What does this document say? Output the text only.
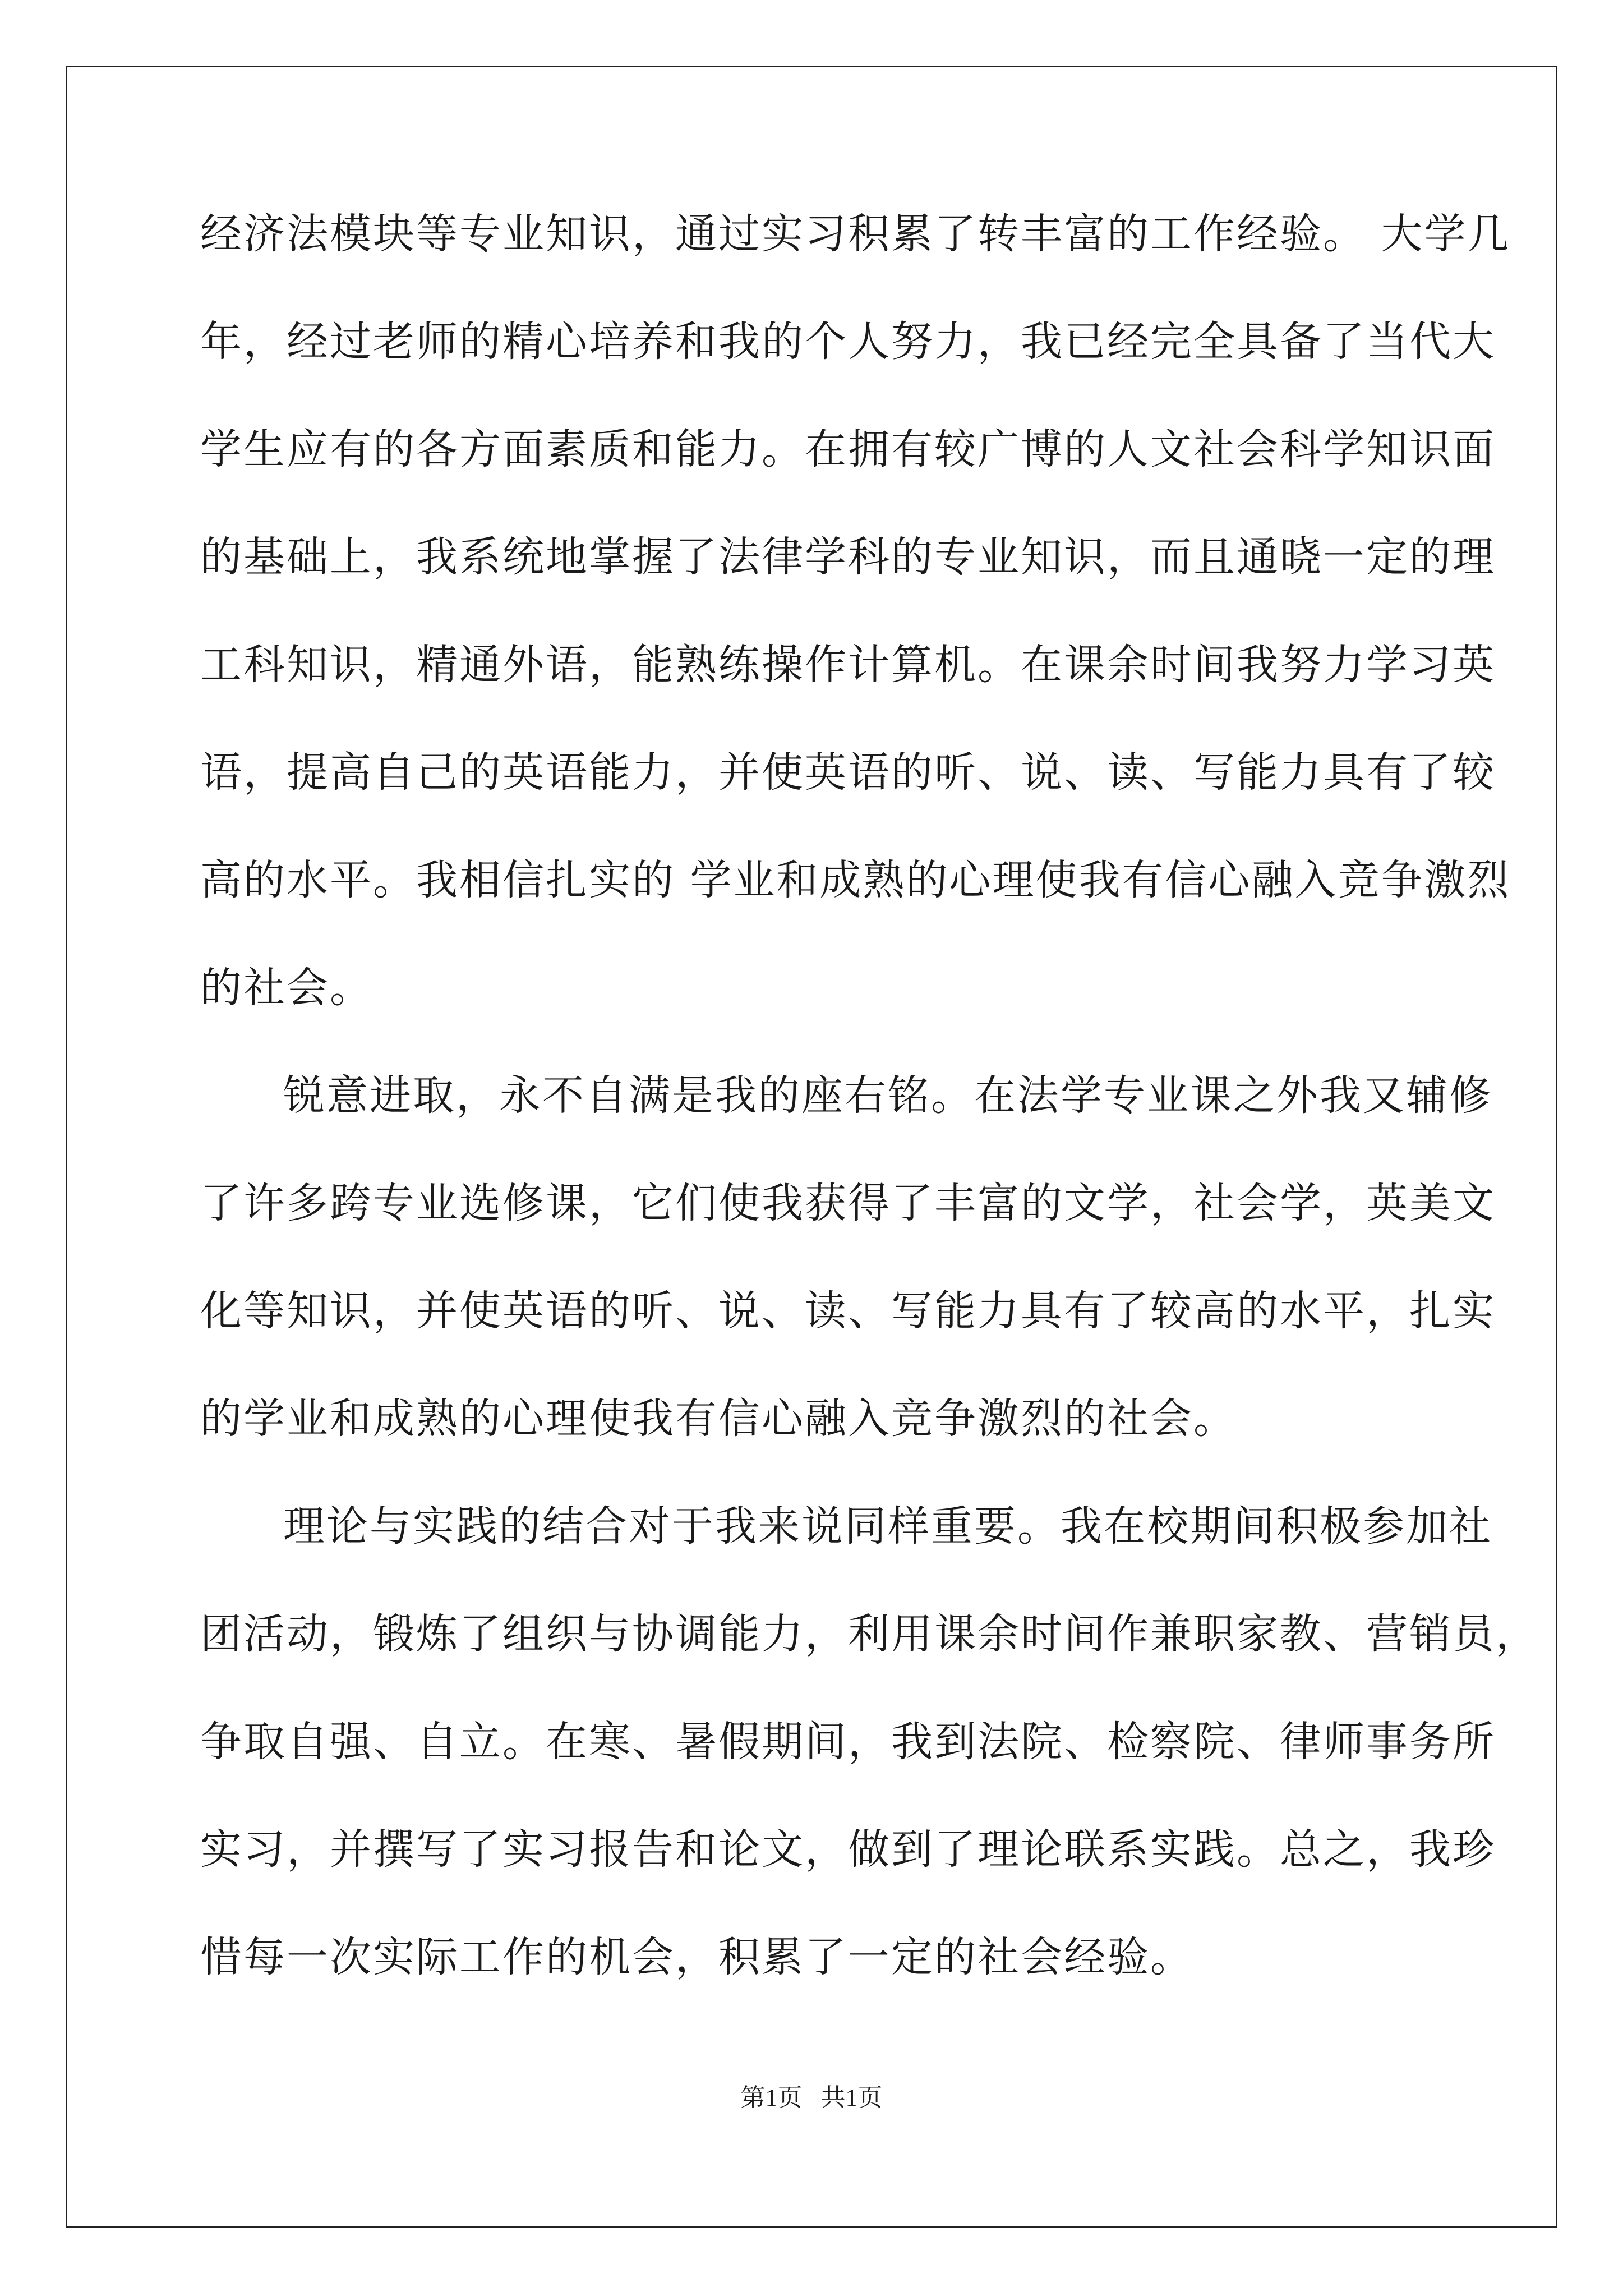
经济法模块等专业知识，通过实习积累了转丰富的工作经验。 大学几
年，经过老师的精心培养和我的个人努力，我已经完全具备了当代大
学生应有的各方面素质和能力。在拥有较广博的人文社会科学知识面
的基础上，我系统地掌握了法律学科的专业知识，而且通晓一定的理
工科知识，精通外语，能熟练操作计算机。在课余时间我努力学习英
语，提高自己的英语能力，并使英语的听、说、读、写能力具有了较
高的水平。我相信扎实的 学业和成熟的心理使我有信心融入竞争激烈
的社会。
锐意进取，永不自满是我的座右铭。在法学专业课之外我又辅修
了许多跨专业选修课，它们使我获得了丰富的文学，社会学，英美文
化等知识，并使英语的听、说、读、写能力具有了较高的水平，扎实
的学业和成熟的心理使我有信心融入竞争激烈的社会。
理论与实践的结合对于我来说同样重要。我在校期间积极参加社
团活动，锻炼了组织与协调能力，利用课余时间作兼职家教、营销员，
争取自强、自立。在寒、暑假期间，我到法院、检察院、律师事务所
实习，并撰写了实习报告和论文，做到了理论联系实践。总之，我珍
惜每一次实际工作的机会，积累了一定的社会经验。
第1页   共1页
